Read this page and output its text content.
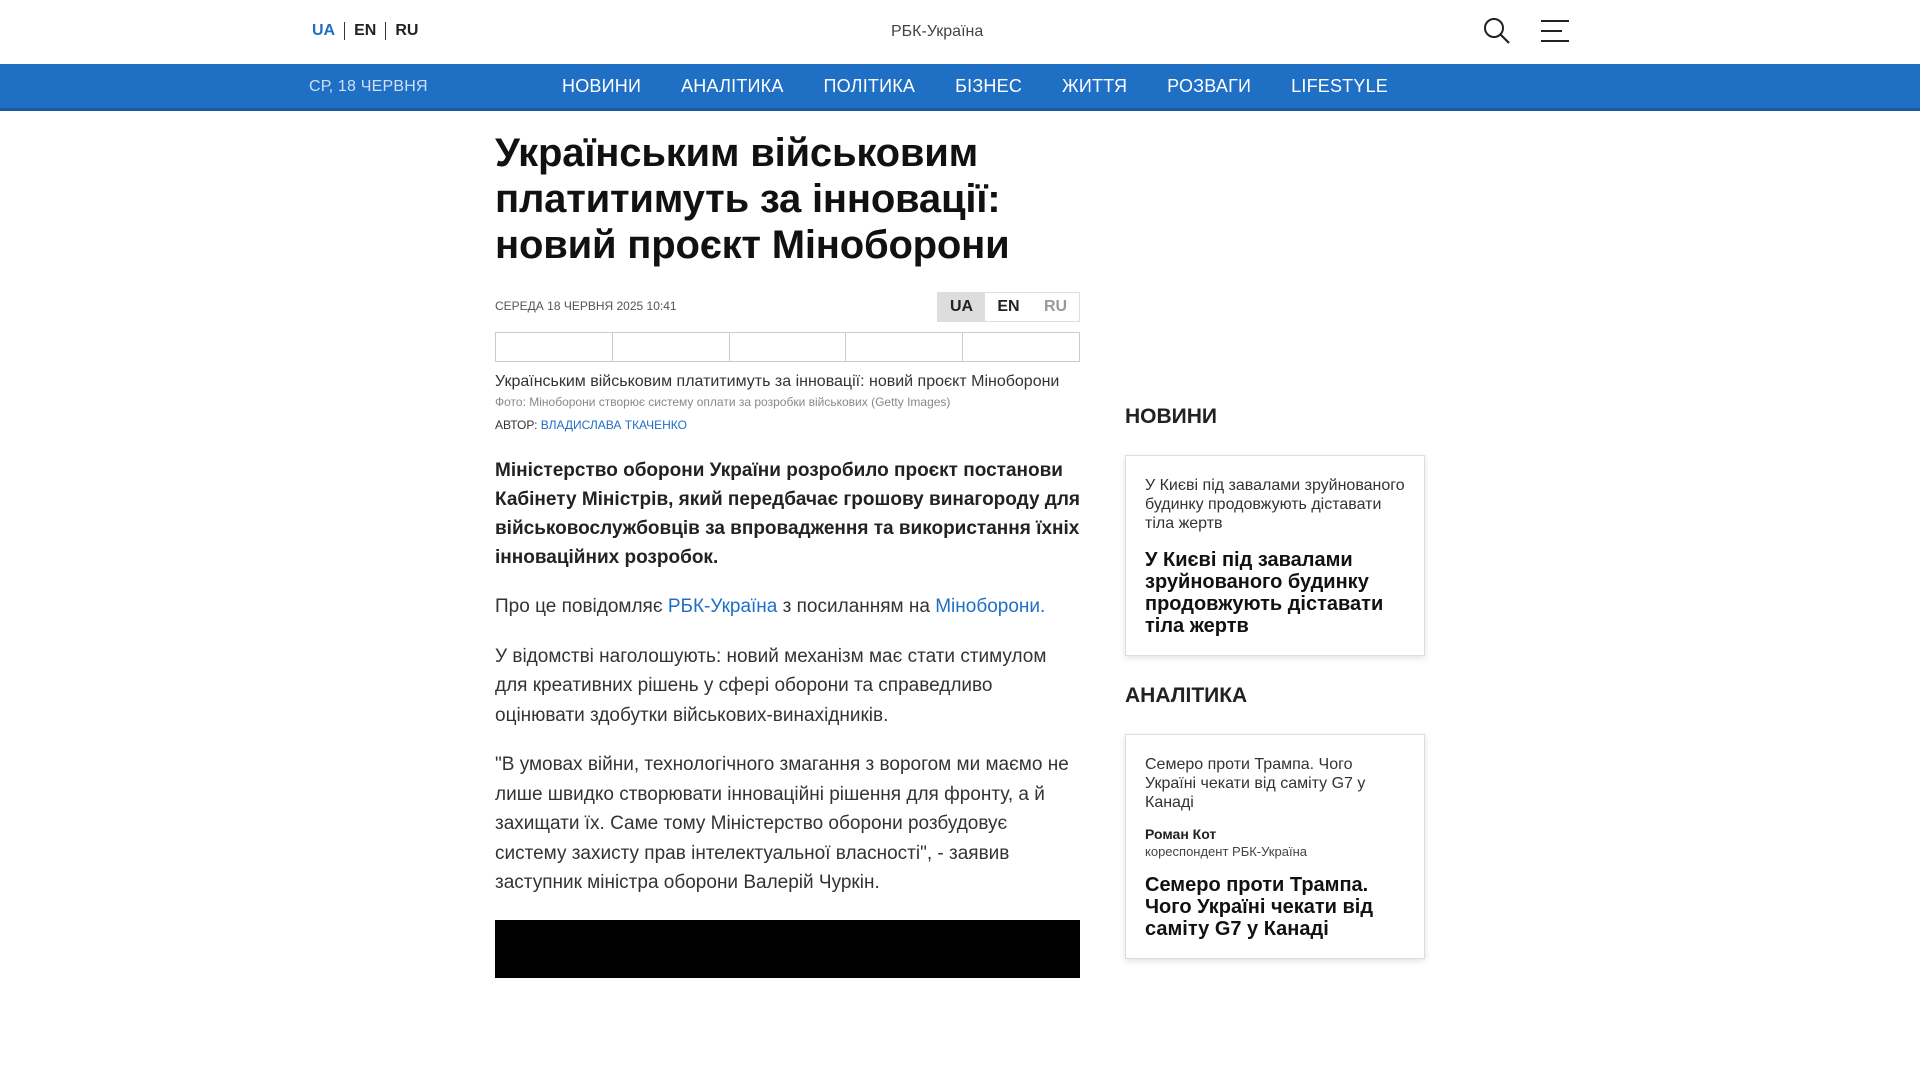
UA	EN	RU	РБК-Україна
СР, 18 ЧЕРВНЯ	НОВИНИ АНАЛІТИКА ПОЛІТИКА БІЗНЕС ЖИТТЯ РОЗВАГИ LIFESTYLE
Українським військовим платитимуть за інновації: новий проєкт Міноборони
СЕРЕДА 18 ЧЕРВНЯ 2025 10:41	UA	EN	RU
Українським військовим платитимуть за інновації: новий проєкт Міноборони
Фото: Міноборони створює систему оплати за розробки військових (Getty Images)
АВТОР: ВЛАДИСЛАВА ТКАЧЕНКО

Міністерство оборони України розробило проєкт постанови Кабінету Міністрів, який передбачає грошову винагороду для військовослужбовців за впровадження та використання їхніх інноваційних розробок.

Про це повідомляє РБК-Україна з посиланням на Міноборони.

У відомстві наголошують: новий механізм має стати стимулом для креативних рішень у сфері оборони та справедливо оцінювати здобутки військових-винахідників.

"В умовах війни, технологічного змагання з ворогом ми маємо не лише швидко створювати інноваційні рішення для фронту, а й захищати їх. Саме тому Міністерство оборони розбудовує систему захисту прав інтелектуальної власності", - заявив заступник міністра оборони Валерій Чуркін.

НОВИНИ
У Києві під завалами зруйнованого будинку продовжують діставати тіла жертв
У Києві під завалами зруйнованого будинку продовжують діставати тіла жертв
АНАЛІТИКА
Семеро проти Трампа. Чого Україні чекати від саміту G7 у Канаді
Роман Кот
кореспондент РБК-Україна
Семеро проти Трампа. Чого Україні чекати від саміту G7 у Канаді
